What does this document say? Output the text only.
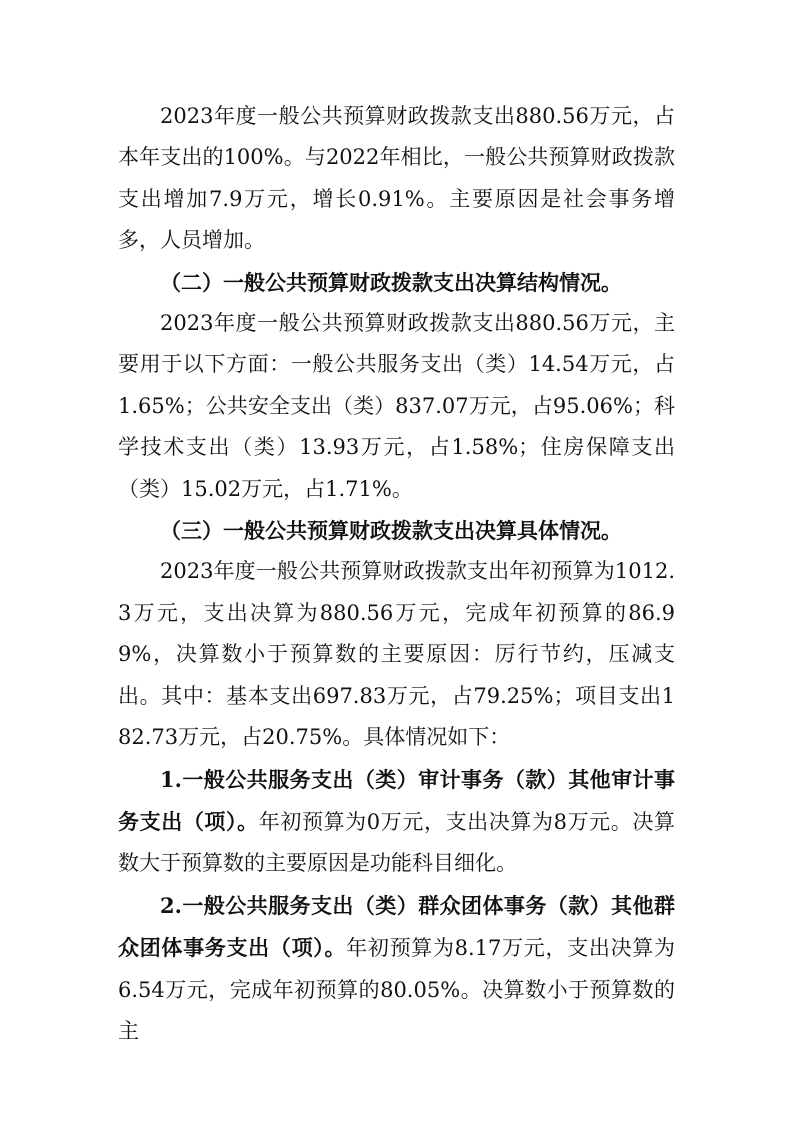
2023年度一般公共预算财政拨款支出880.56万元，占本年支出的100%。与2022年相比，一般公共预算财政拨款支出增加7.9万元，增长0.91%。主要原因是社会事务增多，人员增加。

（二）一般公共预算财政拨款支出决算结构情况。

2023年度一般公共预算财政拨款支出880.56万元，主要用于以下方面：一般公共服务支出（类）14.54万元，占1.65%；公共安全支出（类）837.07万元，占95.06%；科学技术支出（类）13.93万元，占1.58%；住房保障支出（类）15.02万元，占1.71%。

（三）一般公共预算财政拨款支出决算具体情况。

2023年度一般公共预算财政拨款支出年初预算为1012.3万元，支出决算为880.56万元，完成年初预算的86.99%，决算数小于预算数的主要原因：厉行节约，压减支出。其中：基本支出697.83万元，占79.25%；项目支出182.73万元，占20.75%。具体情况如下：

1.一般公共服务支出（类）审计事务（款）其他审计事务支出（项）。年初预算为0万元，支出决算为8万元。决算数大于预算数的主要原因是功能科目细化。

2.一般公共服务支出（类）群众团体事务（款）其他群众团体事务支出（项）。年初预算为8.17万元，支出决算为6.54万元，完成年初预算的80.05%。决算数小于预算数的主
